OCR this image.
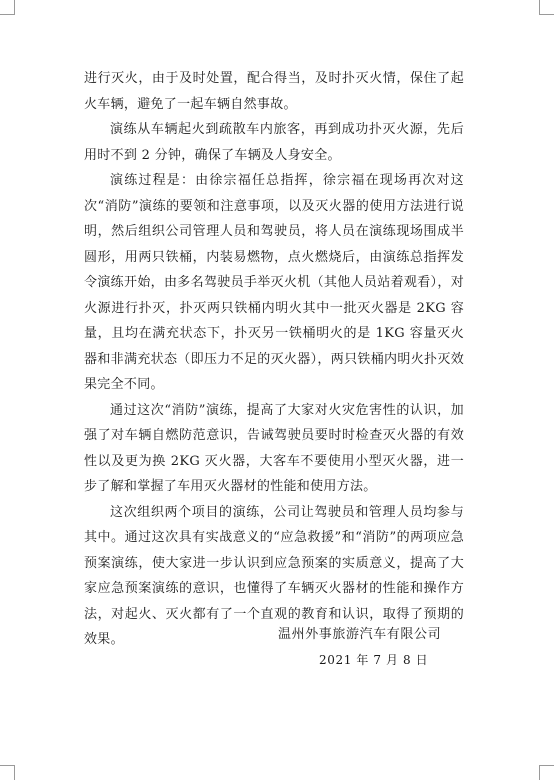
进行灭火，由于及时处置，配合得当，及时扑灭火情，保住了起火车辆，避免了一起车辆自然事故。

演练从车辆起火到疏散车内旅客，再到成功扑灭火源，先后用时不到 2 分钟，确保了车辆及人身安全。

演练过程是：由徐宗福任总指挥，徐宗福在现场再次对这次“消防”演练的要领和注意事项，以及灭火器的使用方法进行说明，然后组织公司管理人员和驾驶员，将人员在演练现场围成半圆形，用两只铁桶，内装易燃物，点火燃烧后，由演练总指挥发令演练开始，由多名驾驶员手举灭火机（其他人员站着观看），对火源进行扑灭，扑灭两只铁桶内明火其中一批灭火器是 2KG 容量，且均在满充状态下，扑灭另一铁桶明火的是 1KG 容量灭火器和非满充状态（即压力不足的灭火器），两只铁桶内明火扑灭效果完全不同。

通过这次“消防”演练，提高了大家对火灾危害性的认识，加强了对车辆自燃防范意识，告诫驾驶员要时时检查灭火器的有效性以及更为换 2KG 灭火器，大客车不要使用小型灭火器，进一步了解和掌握了车用灭火器材的性能和使用方法。

这次组织两个项目的演练，公司让驾驶员和管理人员均参与其中。通过这次具有实战意义的“应急救援”和“消防”的两项应急预案演练，使大家进一步认识到应急预案的实质意义，提高了大家应急预案演练的意识，也懂得了车辆灭火器材的性能和操作方法，对起火、灭火都有了一个直观的教育和认识，取得了预期的效果。	温州外事旅游汽车有限公司
2021 年 7 月 8 日
